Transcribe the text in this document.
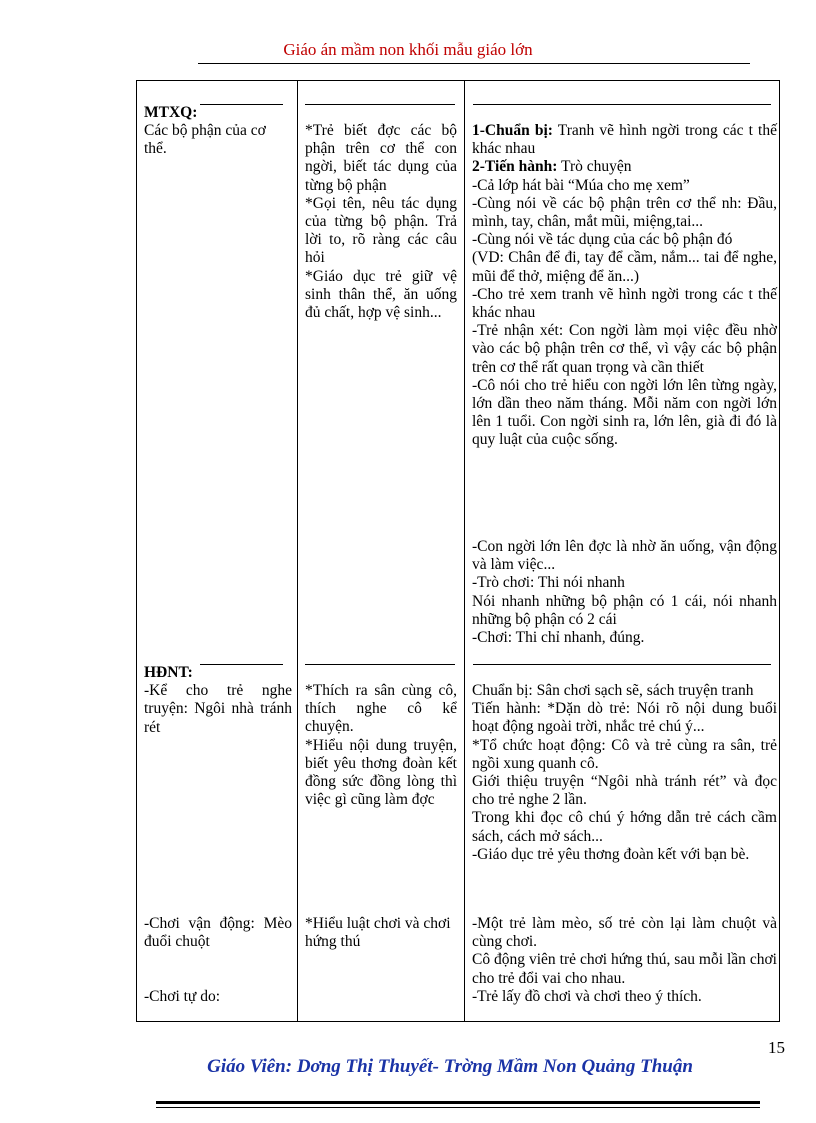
Giáo án mầm non khối mẫu giáo lớn

MTXQ:

Các bộ phận của cơ thể.

*Trẻ biết đợc các bộ phận trên cơ thể con ngời, biết tác dụng của từng bộ phận

*Gọi tên, nêu tác dụng của từng bộ phận. Trả lời to, rõ ràng các câu hỏi

*Giáo dục trẻ giữ vệ sinh thân thể, ăn uống đủ chất, hợp vệ sinh...

1-Chuẩn bị: Tranh vẽ hình ngời trong các t thế khác nhau

2-Tiến hành: Trò chuyện

-Cả lớp hát bài “Múa cho mẹ xem”

-Cùng nói về các bộ phận trên cơ thể nh: Đầu, mình, tay, chân, mắt mũi, miệng,tai...

-Cùng nói về tác dụng của các bộ phận đó

(VD: Chân để đi, tay để cầm, nắm... tai để nghe, mũi để thở, miệng để ăn...)

-Cho trẻ xem tranh vẽ hình ngời trong các t thế khác nhau

-Trẻ nhận xét: Con ngời làm mọi việc đều nhờ vào các bộ phận trên cơ thể, vì vậy các bộ phận trên cơ thể rất quan trọng và cần thiết

-Cô nói cho trẻ hiểu con ngời lớn lên từng ngày, lớn dần theo năm tháng. Mỗi năm con ngời lớn lên 1 tuổi. Con ngời sinh ra, lớn lên, già đi đó là quy luật của cuộc sống.

-Con ngời lớn lên đợc là nhờ ăn uống, vận động và làm việc...

-Trò chơi: Thi nói nhanh

Nói nhanh những bộ phận có 1 cái, nói nhanh những bộ phận có 2 cái

-Chơi: Thi chỉ nhanh, đúng.

HĐNT:

-Kể cho trẻ nghe truyện: Ngôi nhà tránh rét

*Thích ra sân cùng cô, thích nghe cô kể chuyện.

*Hiểu nội dung truyện, biết yêu thơng đoàn kết đồng sức đồng lòng thì việc gì cũng làm đợc

Chuẩn bị: Sân chơi sạch sẽ, sách truyện tranh

Tiến hành: *Dặn dò trẻ: Nói rõ nội dung buổi hoạt động ngoài trời, nhắc trẻ chú ý...

*Tổ chức hoạt động: Cô và trẻ cùng ra sân, trẻ ngồi xung quanh cô.

Giới thiệu truyện “Ngôi nhà tránh rét” và đọc cho trẻ nghe 2 lần.

Trong khi đọc cô chú ý hớng dẫn trẻ cách cầm sách, cách mở sách...

-Giáo dục trẻ yêu thơng đoàn kết với bạn bè.

-Chơi vận động: Mèo đuổi chuột

*Hiểu luật chơi và chơi hứng thú

-Một trẻ làm mèo, số trẻ còn lại làm chuột và cùng chơi.

Cô động viên trẻ chơi hứng thú, sau mỗi lần chơi cho trẻ đổi vai cho nhau.

-Trẻ lấy đồ chơi và chơi theo ý thích.

-Chơi tự do:

15
Giáo Viên: Dơng Thị Thuyết- Trờng Mầm Non Quảng Thuận
